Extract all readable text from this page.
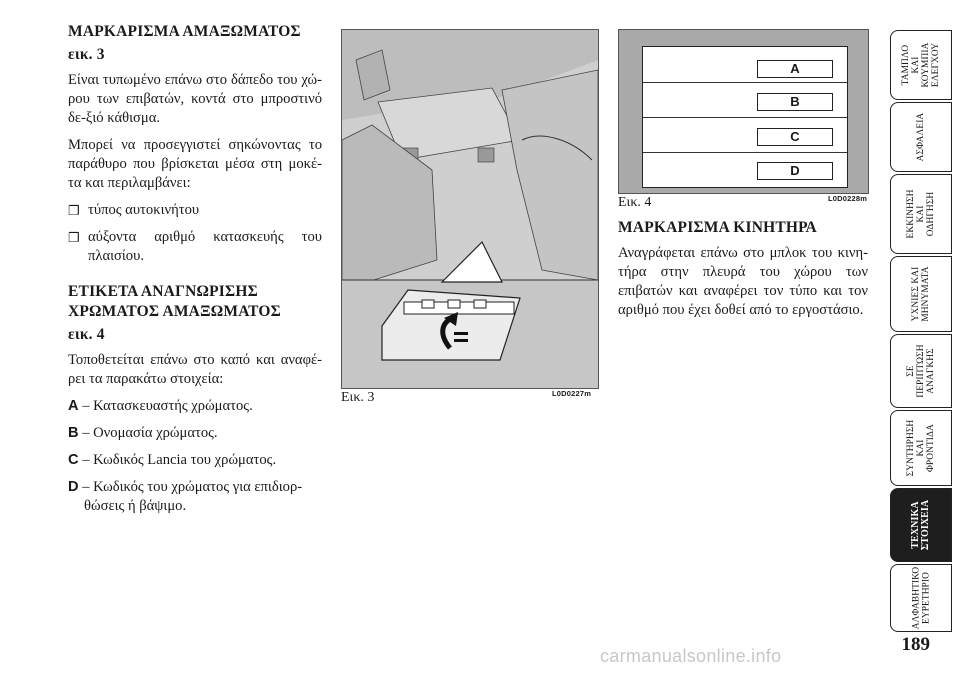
ΜΑΡΚΑΡΙΣΜΑ ΑΜΑΞΩΜΑΤΟΣ
εικ. 3

Είναι τυπωμένο επάνω στο δάπεδο του χώ-ρου των επιβατών, κοντά στο μπροστινό δε-ξιό κάθισμα.

Μπορεί να προσεγγιστεί σηκώνοντας το παράθυρο που βρίσκεται μέσα στη μοκέ-τα και περιλαμβάνει:

❒ τύπος αυτοκινήτου
❒ αύξοντα αριθμό κατασκευής του πλαισίου.
ΕΤΙΚΕΤΑ ΑΝΑΓΝΩΡΙΣΗΣ ΧΡΩΜΑΤΟΣ ΑΜΑΞΩΜΑΤΟΣ
εικ. 4

Τοποθετείται επάνω στο καπό και αναφέ-ρει τα παρακάτω στοιχεία:

A – Κατασκευαστής χρώματος.

B – Ονομασία χρώματος.

C – Κωδικός Lancia του χρώματος.

D – Κωδικός του χρώματος για επιδιορ-θώσεις ή βάψιμο.

Εικ. 3	L0D0227m
A
B
C
D
Εικ. 4	L0D0228m
ΜΑΡΚΑΡΙΣΜΑ ΚΙΝΗΤΗΡΑ

Αναγράφεται επάνω στο μπλοκ του κινη-τήρα στην πλευρά του χώρου των επιβατών και αναφέρει τον τύπο και τον αριθμό που έχει δοθεί από το εργοστάσιο.

ΤΑΜΠΛΟ ΚΑΙ
ΚΟΥΜΠΙΑ
ΕΛΕΓΧΟΥ
ΑΣΦΑΛΕΙΑ
ΕΚΚΙΝΗΣΗ
ΚΑΙ
ΟΔΗΓΗΣΗ
ΥΧΝΙΕΣ ΚΑΙ
ΜΗΝΥΜΑΤΑ
ΣΕ
ΠΕΡΙΠΤΩΣΗ
ΑΝΑΓΚΗΣ
ΣΥΝΤΗΡΗΣΗ
ΚΑΙ
ΦΡΟΝΤΙΔΑ
ΤΕΧΝΙΚΑ
ΣΤΟΙΧΕΙΑ
ΑΛΦΑΒΗΤΙΚΟ
ΕΥΡΕΤΗΡΙΟ
189
carmanualsonline.info
